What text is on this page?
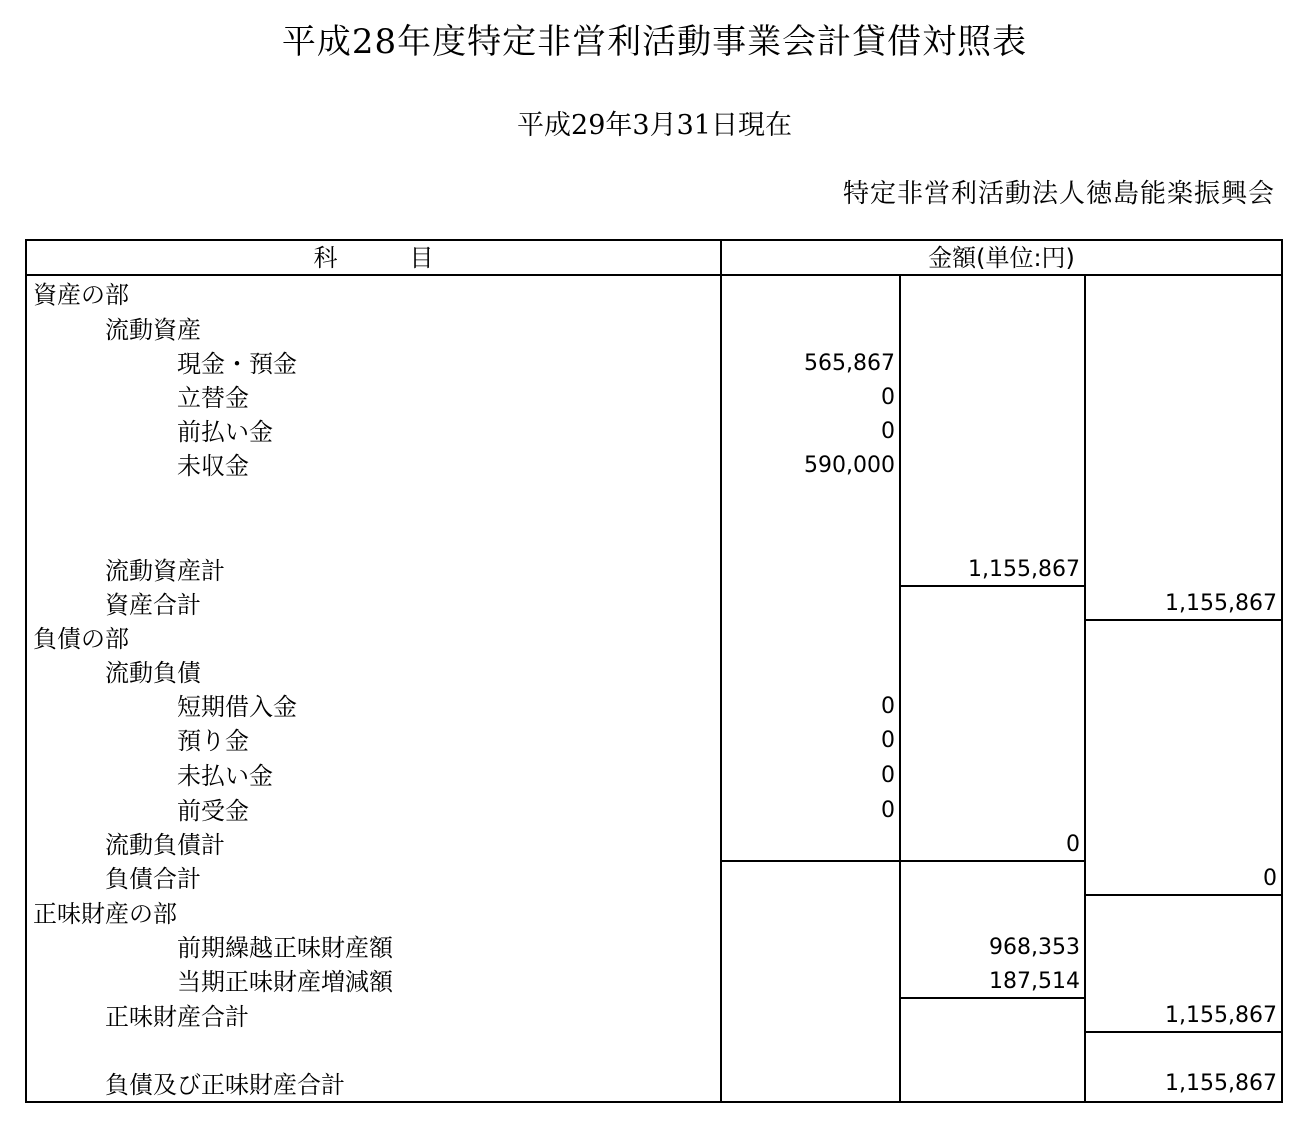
平成28年度特定非営利活動事業会計貸借対照表
平成29年3月31日現在
特定非営利活動法人徳島能楽振興会
科　　　目	金額(単位:円)
資産の部
流動資産
現金・預金	565,867
立替金	0
前払い金	0
未収金	590,000
流動資産計	1,155,867
資産合計	1,155,867
負債の部
流動負債
短期借入金	0
預り金	0
未払い金	0
前受金	0
流動負債計	0
負債合計	0
正味財産の部
前期繰越正味財産額	968,353
当期正味財産増減額	187,514
正味財産合計	1,155,867
負債及び正味財産合計	1,155,867
